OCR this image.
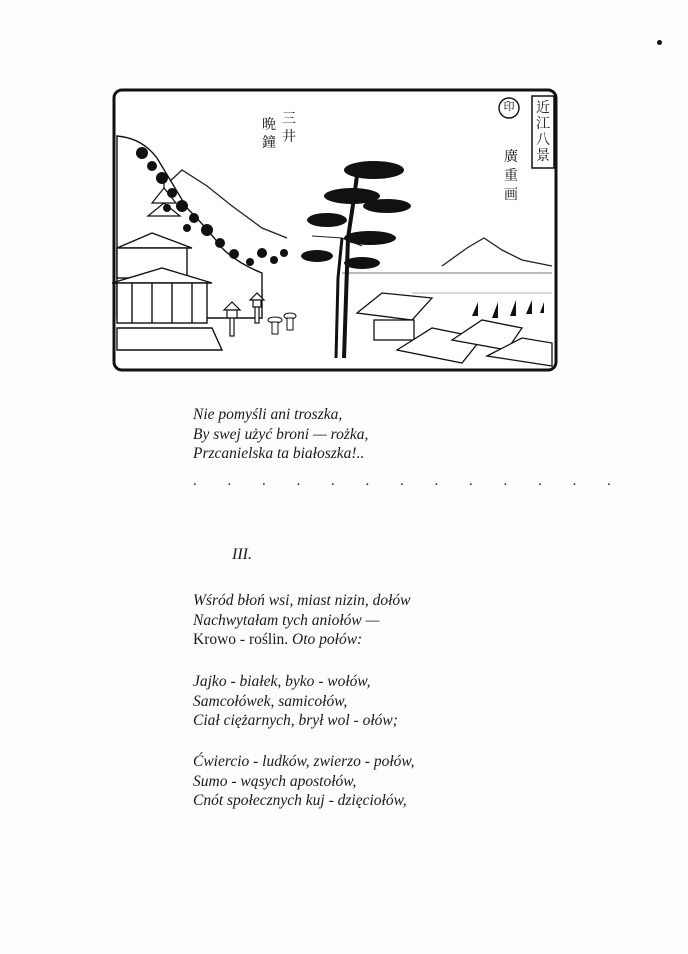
三井
晩鐘
近江八景
廣重画
印
Nie pomyśli ani troszka,
By swej użyć broni — rożka,
Przcanielska ta białoszka!..
. . . . . . . . . . . . .
III.
Wśród błoń wsi, miast nizin, dołów
Nachwytałam tych aniołów —
Krowo - roślin. Oto połów:
Jajko - białek, byko - wołów,
Samcołówek, samicołów,
Ciał ciężarnych, brył wol - ołów;
Ćwiercio - ludków, zwierzo - połów,
Sumo - wąsych apostołów,
Cnót społecznych kuj - dzięciołów,
